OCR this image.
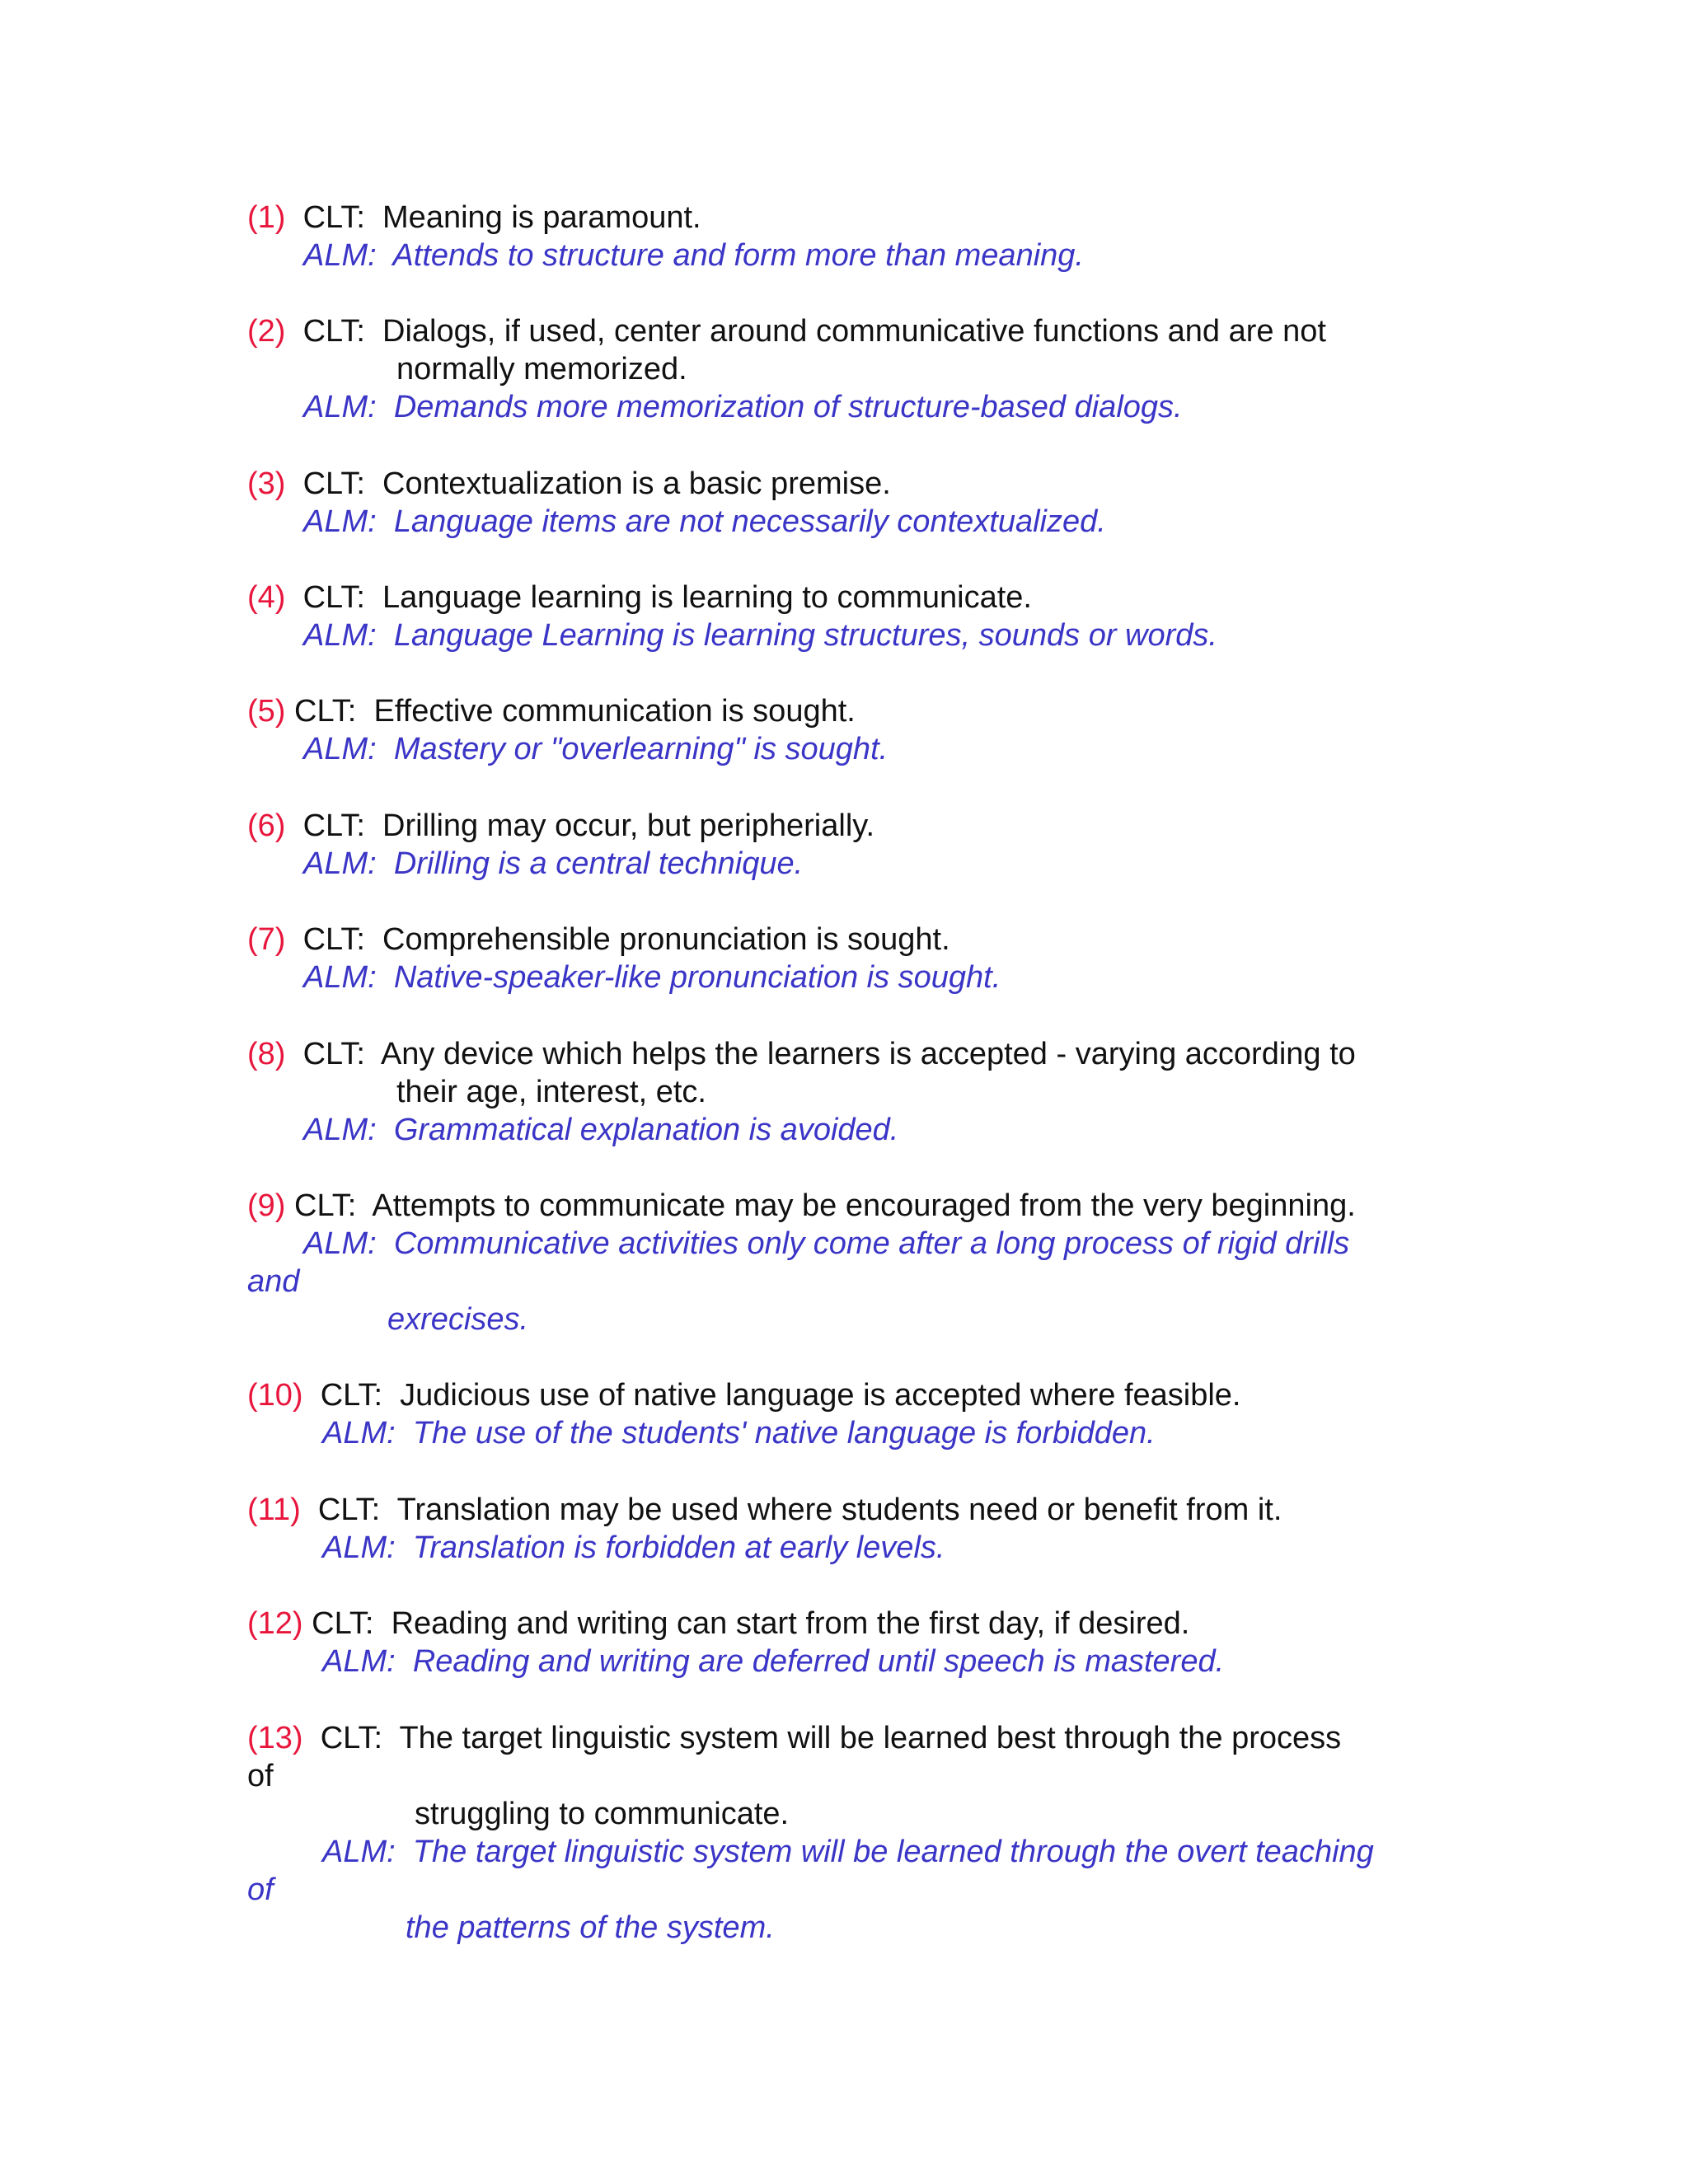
(1) CLT: Meaning is paramount.
ALM: Attends to structure and form more than meaning.
(2) CLT: Dialogs, if used, center around communicative functions and are not
normally memorized.
ALM: Demands more memorization of structure-based dialogs.
(3) CLT: Contextualization is a basic premise.
ALM: Language items are not necessarily contextualized.
(4) CLT: Language learning is learning to communicate.
ALM: Language Learning is learning structures, sounds or words.
(5) CLT: Effective communication is sought.
ALM: Mastery or "overlearning" is sought.
(6) CLT: Drilling may occur, but peripherially.
ALM: Drilling is a central technique.
(7) CLT: Comprehensible pronunciation is sought.
ALM: Native-speaker-like pronunciation is sought.
(8) CLT: Any device which helps the learners is accepted - varying according to
their age, interest, etc.
ALM: Grammatical explanation is avoided.
(9) CLT: Attempts to communicate may be encouraged from the very beginning.
ALM: Communicative activities only come after a long process of rigid drills
and
exrecises.
(10) CLT: Judicious use of native language is accepted where feasible.
ALM: The use of the students' native language is forbidden.
(11) CLT: Translation may be used where students need or benefit from it.
ALM: Translation is forbidden at early levels.
(12) CLT: Reading and writing can start from the first day, if desired.
ALM: Reading and writing are deferred until speech is mastered.
(13) CLT: The target linguistic system will be learned best through the process
of
struggling to communicate.
ALM: The target linguistic system will be learned through the overt teaching
of
the patterns of the system.
